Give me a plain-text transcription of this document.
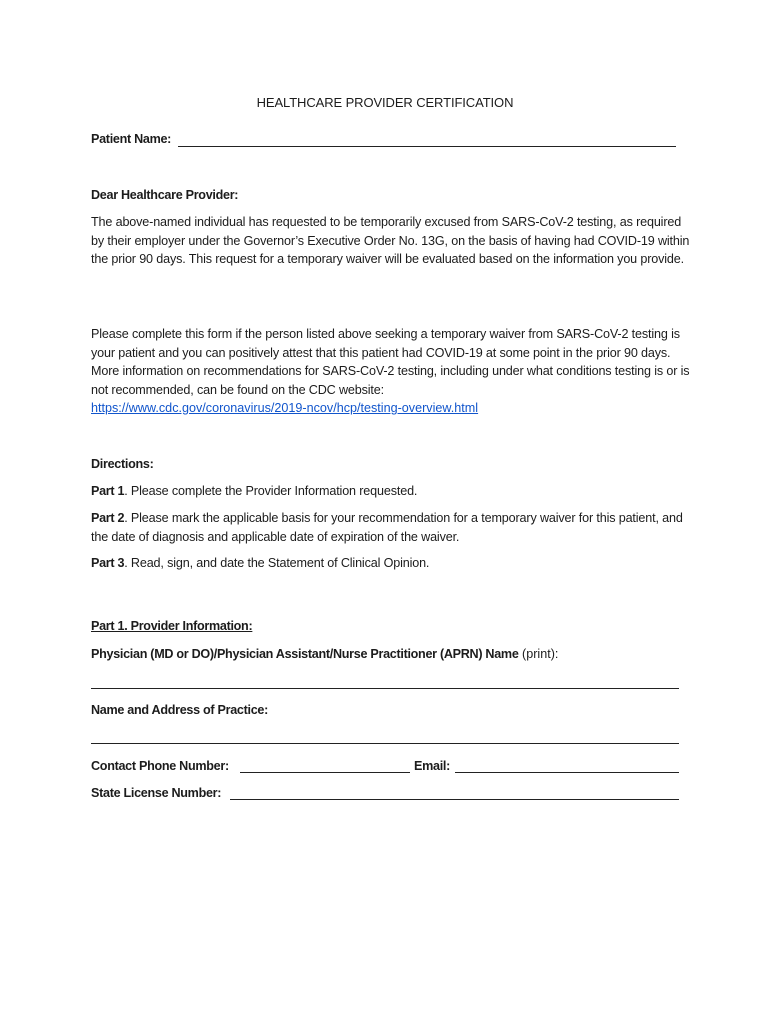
HEALTHCARE PROVIDER CERTIFICATION
Patient Name:
Dear Healthcare Provider:
The above-named individual has requested to be temporarily excused from SARS-CoV-2 testing, as required by their employer under the Governor’s Executive Order No. 13G, on the basis of having had COVID-19 within the prior 90 days. This request for a temporary waiver will be evaluated based on the information you provide.
Please complete this form if the person listed above seeking a temporary waiver from SARS-CoV-2 testing is your patient and you can positively attest that this patient had COVID-19 at some point in the prior 90 days. More information on recommendations for SARS-CoV-2 testing, including under what conditions testing is or is not recommended, can be found on the CDC website:
https://www.cdc.gov/coronavirus/2019-ncov/hcp/testing-overview.html
Directions:
Part 1. Please complete the Provider Information requested.
Part 2. Please mark the applicable basis for your recommendation for a temporary waiver for this patient, and the date of diagnosis and applicable date of expiration of the waiver.
Part 3. Read, sign, and date the Statement of Clinical Opinion.
Part 1. Provider Information:
Physician (MD or DO)/Physician Assistant/Nurse Practitioner (APRN) Name (print):
Name and Address of Practice:
Contact Phone Number:	Email:
State License Number:
